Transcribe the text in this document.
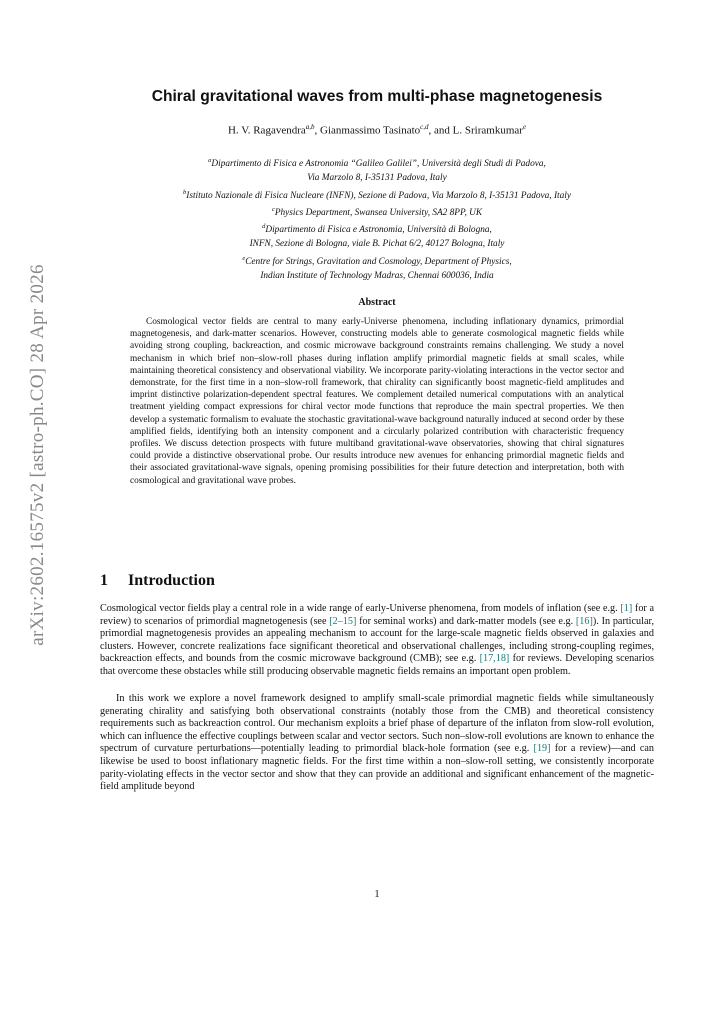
arXiv:2602.16575v2 [astro-ph.CO] 28 Apr 2026
Chiral gravitational waves from multi-phase magnetogenesis
H. V. Ragavendra$^{a,b}$, Gianmassimo Tasinato$^{c,d}$, and L. Sriramkumar$^e$
$^a$Dipartimento di Fisica e Astronomia “Galileo Galilei”, Università degli Studi di Padova,
Via Marzolo 8, I-35131 Padova, Italy
$^b$Istituto Nazionale di Fisica Nucleare (INFN), Sezione di Padova, Via Marzolo 8, I-35131 Padova, Italy
$^c$Physics Department, Swansea University, SA2 8PP, UK
$^d$Dipartimento di Fisica e Astronomia, Università di Bologna,
INFN, Sezione di Bologna, viale B. Pichat 6/2, 40127 Bologna, Italy
$^e$Centre for Strings, Gravitation and Cosmology, Department of Physics,
Indian Institute of Technology Madras, Chennai 600036, India
Abstract
Cosmological vector fields are central to many early-Universe phenomena, including inflationary dynamics, primordial magnetogenesis, and dark-matter scenarios. However, constructing models able to generate cosmological magnetic fields while avoiding strong coupling, backreaction, and cosmic microwave background constraints remains challenging. We study a novel mechanism in which brief non–slow-roll phases during inflation amplify primordial magnetic fields at small scales, while maintaining theoretical consistency and observational viability. We incorporate parity-violating interactions in the vector sector and demonstrate, for the first time in a non–slow-roll framework, that chirality can significantly boost magnetic-field amplitudes and imprint distinctive polarization-dependent spectral features. We complement detailed numerical computations with an analytical treatment yielding compact expressions for chiral vector mode functions that reproduce the main spectral properties. We then develop a systematic formalism to evaluate the stochastic gravitational-wave background naturally induced at second order by these amplified fields, identifying both an intensity component and a circularly polarized contribution with characteristic frequency profiles. We discuss detection prospects with future multiband gravitational-wave observatories, showing that chiral signatures could provide a distinctive observational probe. Our results introduce new avenues for enhancing primordial magnetic fields and their associated gravitational-wave signals, opening promising possibilities for their future detection and interpretation, both with cosmological and gravitational wave probes.
1 Introduction
Cosmological vector fields play a central role in a wide range of early-Universe phenomena, from models of inflation (see e.g. [1] for a review) to scenarios of primordial magnetogenesis (see [2–15] for seminal works) and dark-matter models (see e.g. [16]). In particular, primordial magnetogenesis provides an appealing mechanism to account for the large-scale magnetic fields observed in galaxies and clusters. However, concrete realizations face significant theoretical and observational challenges, including strong-coupling regimes, backreaction effects, and bounds from the cosmic microwave background (CMB); see e.g. [17,18] for reviews. Developing scenarios that overcome these obstacles while still producing observable magnetic fields remains an important open problem.
In this work we explore a novel framework designed to amplify small-scale primordial magnetic fields while simultaneously generating chirality and satisfying both observational constraints (notably those from the CMB) and theoretical consistency requirements such as backreaction control. Our mechanism exploits a brief phase of departure of the inflaton from slow-roll evolution, which can influence the effective couplings between scalar and vector sectors. Such non–slow-roll evolutions are known to enhance the spectrum of curvature perturbations—potentially leading to primordial black-hole formation (see e.g. [19] for a review)—and can likewise be used to boost inflationary magnetic fields. For the first time within a non–slow-roll setting, we consistently incorporate parity-violating effects in the vector sector and show that they can provide an additional and significant enhancement of the magnetic-field amplitude beyond
1
